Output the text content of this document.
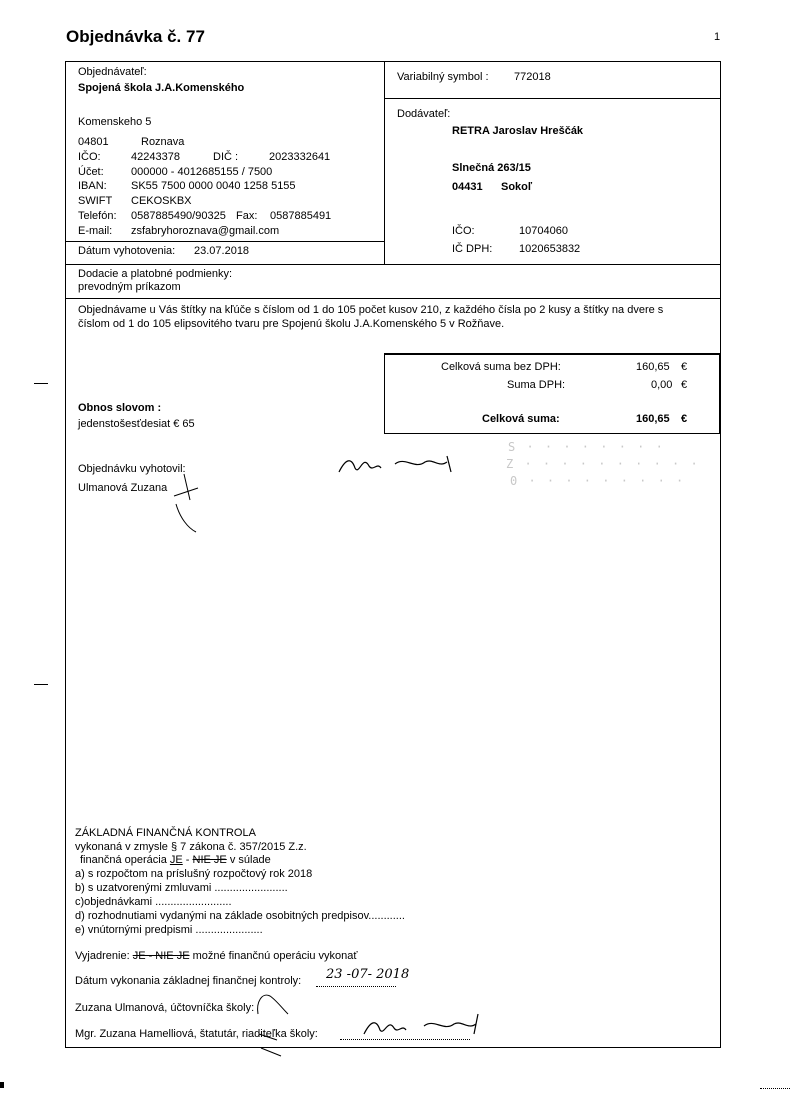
Objednávka č. 77	1
Objednávateľ:
Spojená škola J.A.Komenského
Komenskeho 5
04801	Roznava
IČO:	42243378	DIČ :	2023332641
Účet: 000000 - 4012685155 / 7500
IBAN: SK55 7500 0000 0040 1258 5155
SWIFT CEKOSKBX
Telefón: 0587885490/90325 Fax: 0587885491
E-mail: zsfabryhoroznava@gmail.com
Dátum vyhotovenia: 23.07.2018
Variabilný symbol : 772018
Dodávateľ:
RETRA Jaroslav Hreščák
Slnečná 263/15
04431 Sokoľ
IČO:	10704060
IČ DPH: 1020653832
Dodacie a platobné podmienky:
prevodným príkazom
Objednávame u Vás štítky na kľúče s číslom od 1 do 105 počet kusov 210, z každého čísla po 2 kusy a štítky na dvere s
číslom od 1 do 105 elipsovitého tvaru pre Spojenú školu J.A.Komenského 5 v Rožňave.
Celková suma bez DPH:	160,65 €
Suma DPH:	0,00 €
Celková suma:	160,65 €
Obnos slovom :
jedenstošesťdesiat € 65
Objednávku vyhotovil:
Ulmanová Zuzana
S · · · · · · · ·
Z · · · · · · · · · ·
0 · · · · · · · · ·
ZÁKLADNÁ FINANČNÁ KONTROLA
vykonaná v zmysle § 7 zákona č. 357/2015 Z.z.
finančná operácia JE - NIE JE v súlade
a) s rozpočtom na príslušný rozpočtový rok 2018
b) s uzatvorenými zmluvami ........................
c)objednávkami .........................
d) rozhodnutiami vydanými na základe osobitných predpisov............
e) vnútornými predpismi ......................
Vyjadrenie: JE - NIE JE možné finančnú operáciu vykonať
Dátum vykonania základnej finančnej kontroly: 23 -07- 2018
Zuzana Ulmanová, účtovníčka školy:
Mgr. Zuzana Hamelliová, štatutár, riaditeľka školy:
